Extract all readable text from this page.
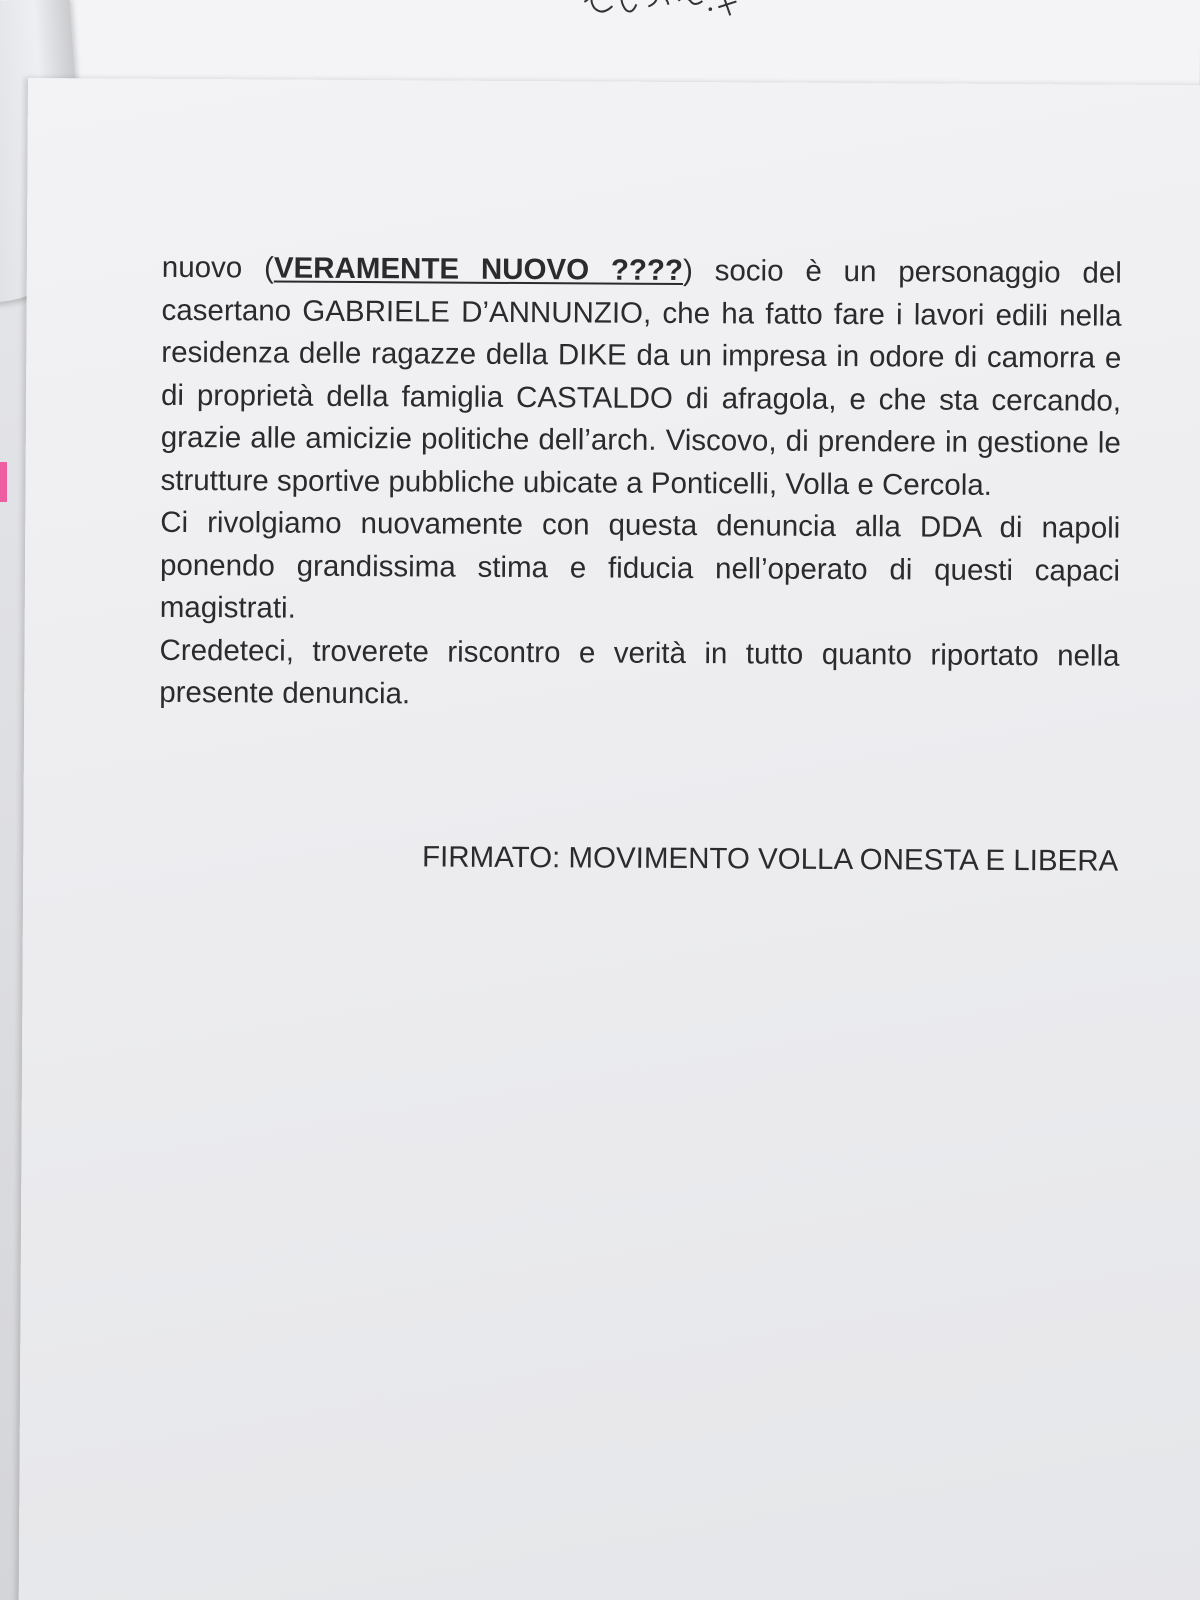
nuovo (VERAMENTE NUOVO ????) socio è un personaggio del casertano GABRIELE D’ANNUNZIO, che ha fatto fare i lavori edili nella residenza delle ragazze della DIKE da un impresa in odore di camorra e di proprietà della famiglia CASTALDO di afragola, e che sta cercando, grazie alle amicizie politiche dell’arch. Viscovo, di prendere in gestione le strutture sportive pubbliche ubicate a Ponticelli, Volla e Cercola.

Ci rivolgiamo nuovamente con questa denuncia alla DDA di napoli ponendo grandissima stima e fiducia nell’operato di questi capaci magistrati.

Credeteci, troverete riscontro e verità in tutto quanto riportato nella presente denuncia.

FIRMATO: MOVIMENTO VOLLA ONESTA E LIBERA
